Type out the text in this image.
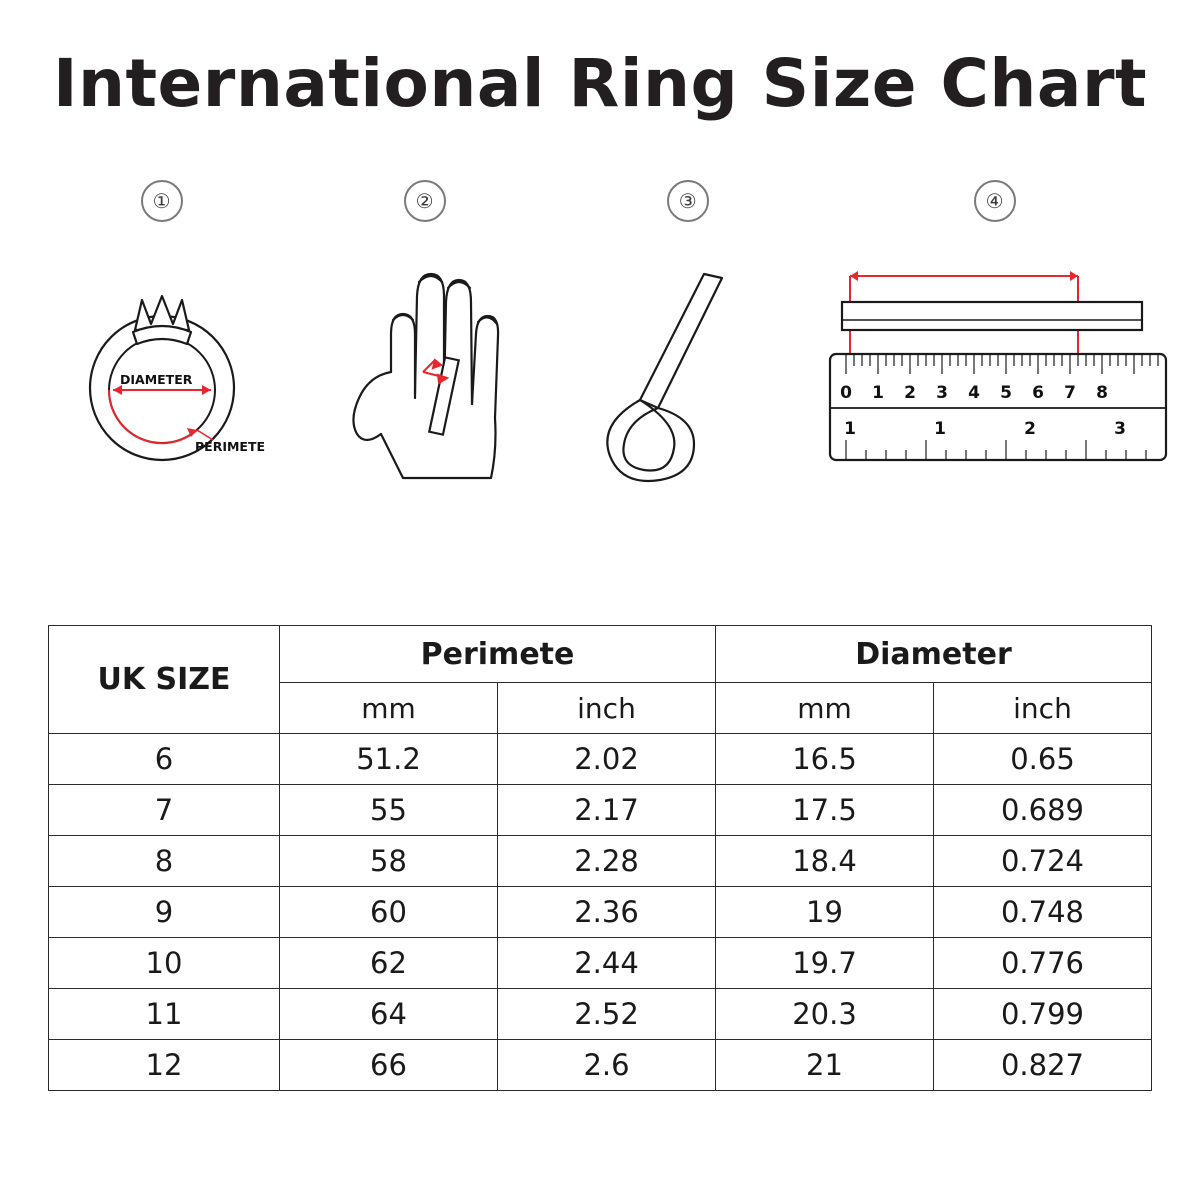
International Ring Size Chart
①
DIAMETER
PERIMETE
②	③	④
0 1 2 3 4 5 6 7 8
1	1	2	3
UK SIZE	Perimete		Diameter	
	mm	inch	mm	inch
6	51.2	2.02	16.5	0.65
7	55	2.17	17.5	0.689
8	58	2.28	18.4	0.724
9	60	2.36	19	0.748
10	62	2.44	19.7	0.776
11	64	2.52	20.3	0.799
12	66	2.6	21	0.827
